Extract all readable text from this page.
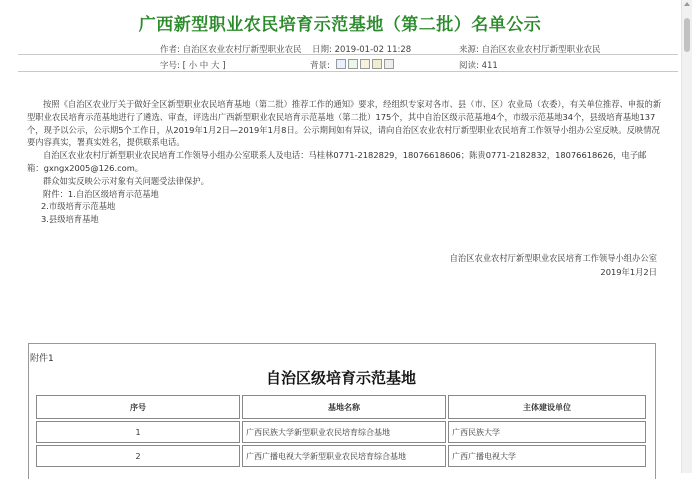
广西新型职业农民培育示范基地（第二批）名单公示
作者: 自治区农业农村厅新型职业农民 日期: 2019-01-02 11:28	来源: 自治区农业农村厅新型职业农民
字号: [ 小 中 大 ]	背景:	阅读: 411

按照《自治区农业厅关于做好全区新型职业农民培育基地（第二批）推荐工作的通知》要求，经组织专家对各市、县（市、区）农业局（农委），有关单位推荐、申报的新型职业农民培育示范基地进行了遴选、审查，评选出广西新型职业农民培育示范基地（第二批）175个，其中自治区级示范基地4个，市级示范基地34个，县级培育基地137个，现予以公示，公示期5个工作日，从2019年1月2日—2019年1月8日。公示期间如有异议，请向自治区农业农村厅新型职业农民培育工作领导小组办公室反映。反映情况要内容真实，署真实姓名，提供联系电话。

自治区农业农村厅新型职业农民培育工作领导小组办公室联系人及电话：马桂林0771-2182829，18076618606；陈贵0771-2182832，18076618626，电子邮箱：gxngx2005@126.com。

群众如实反映公示对象有关问题受法律保护。

附件：1.自治区级培育示范基地

2.市级培育示范基地

3.县级培育基地

自治区农业农村厅新型职业农民培育工作领导小组办公室
2019年1月2日
附件1
自治区级培育示范基地
序号	基地名称	主体建设单位
1	广西民族大学新型职业农民培育综合基地	广西民族大学
2	广西广播电视大学新型职业农民培育综合基地	广西广播电视大学
